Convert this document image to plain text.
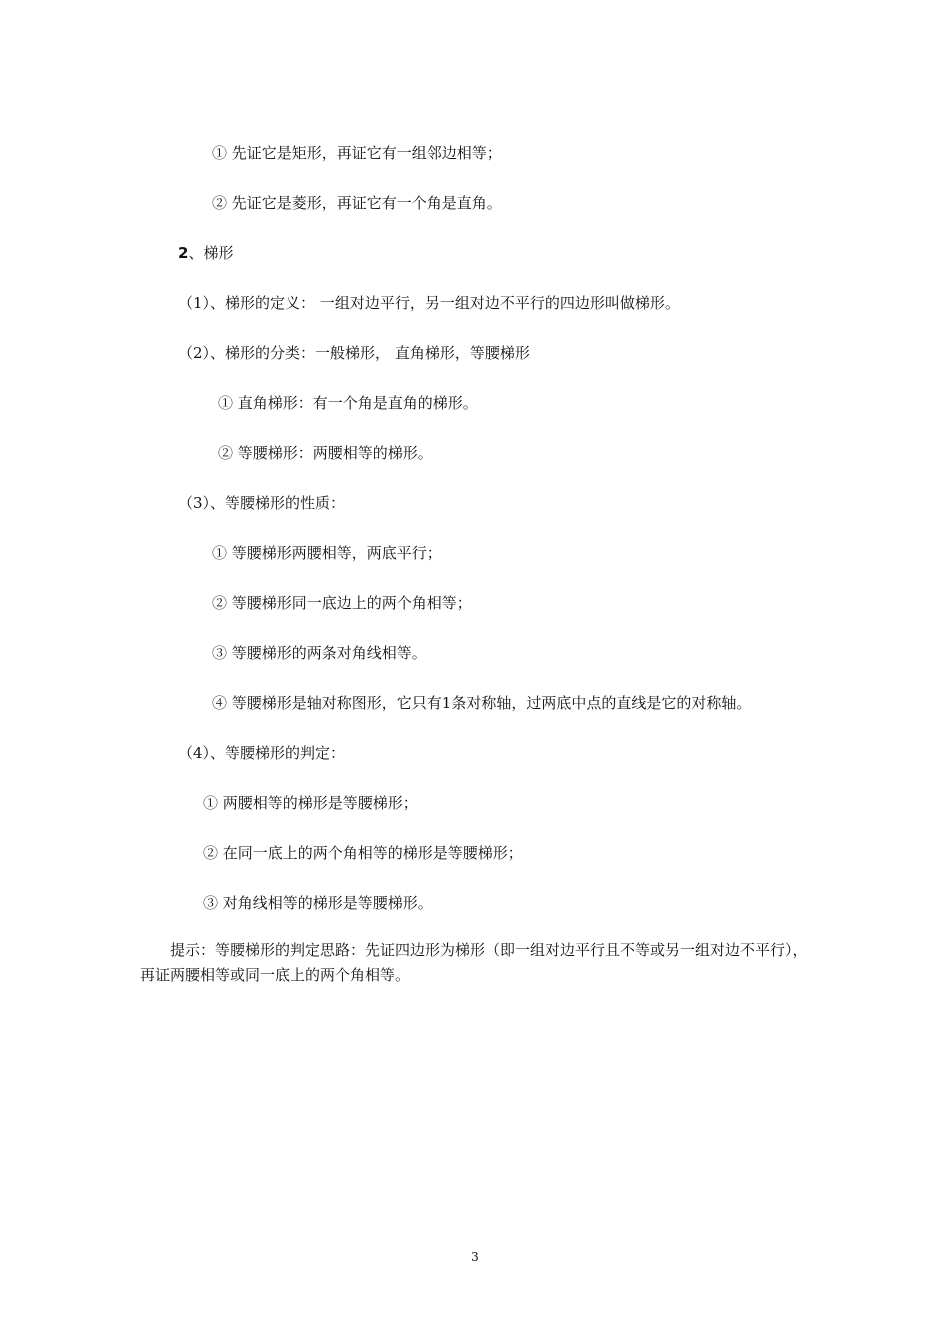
① 先证它是矩形，再证它有一组邻边相等；
② 先证它是菱形，再证它有一个角是直角。
2、梯形
（1）、梯形的定义： 一组对边平行，另一组对边不平行的四边形叫做梯形。
（2）、梯形的分类：一般梯形， 直角梯形，等腰梯形
① 直角梯形：有一个角是直角的梯形。
② 等腰梯形：两腰相等的梯形。
（3）、等腰梯形的性质：
① 等腰梯形两腰相等，两底平行；
② 等腰梯形同一底边上的两个角相等；
③ 等腰梯形的两条对角线相等。
④ 等腰梯形是轴对称图形，它只有1条对称轴，过两底中点的直线是它的对称轴。
（4）、等腰梯形的判定：
① 两腰相等的梯形是等腰梯形；
② 在同一底上的两个角相等的梯形是等腰梯形；
③ 对角线相等的梯形是等腰梯形。
　　提示：等腰梯形的判定思路：先证四边形为梯形（即一组对边平行且不等或另一组对边不平行），再证两腰相等或同一底上的两个角相等。
3
